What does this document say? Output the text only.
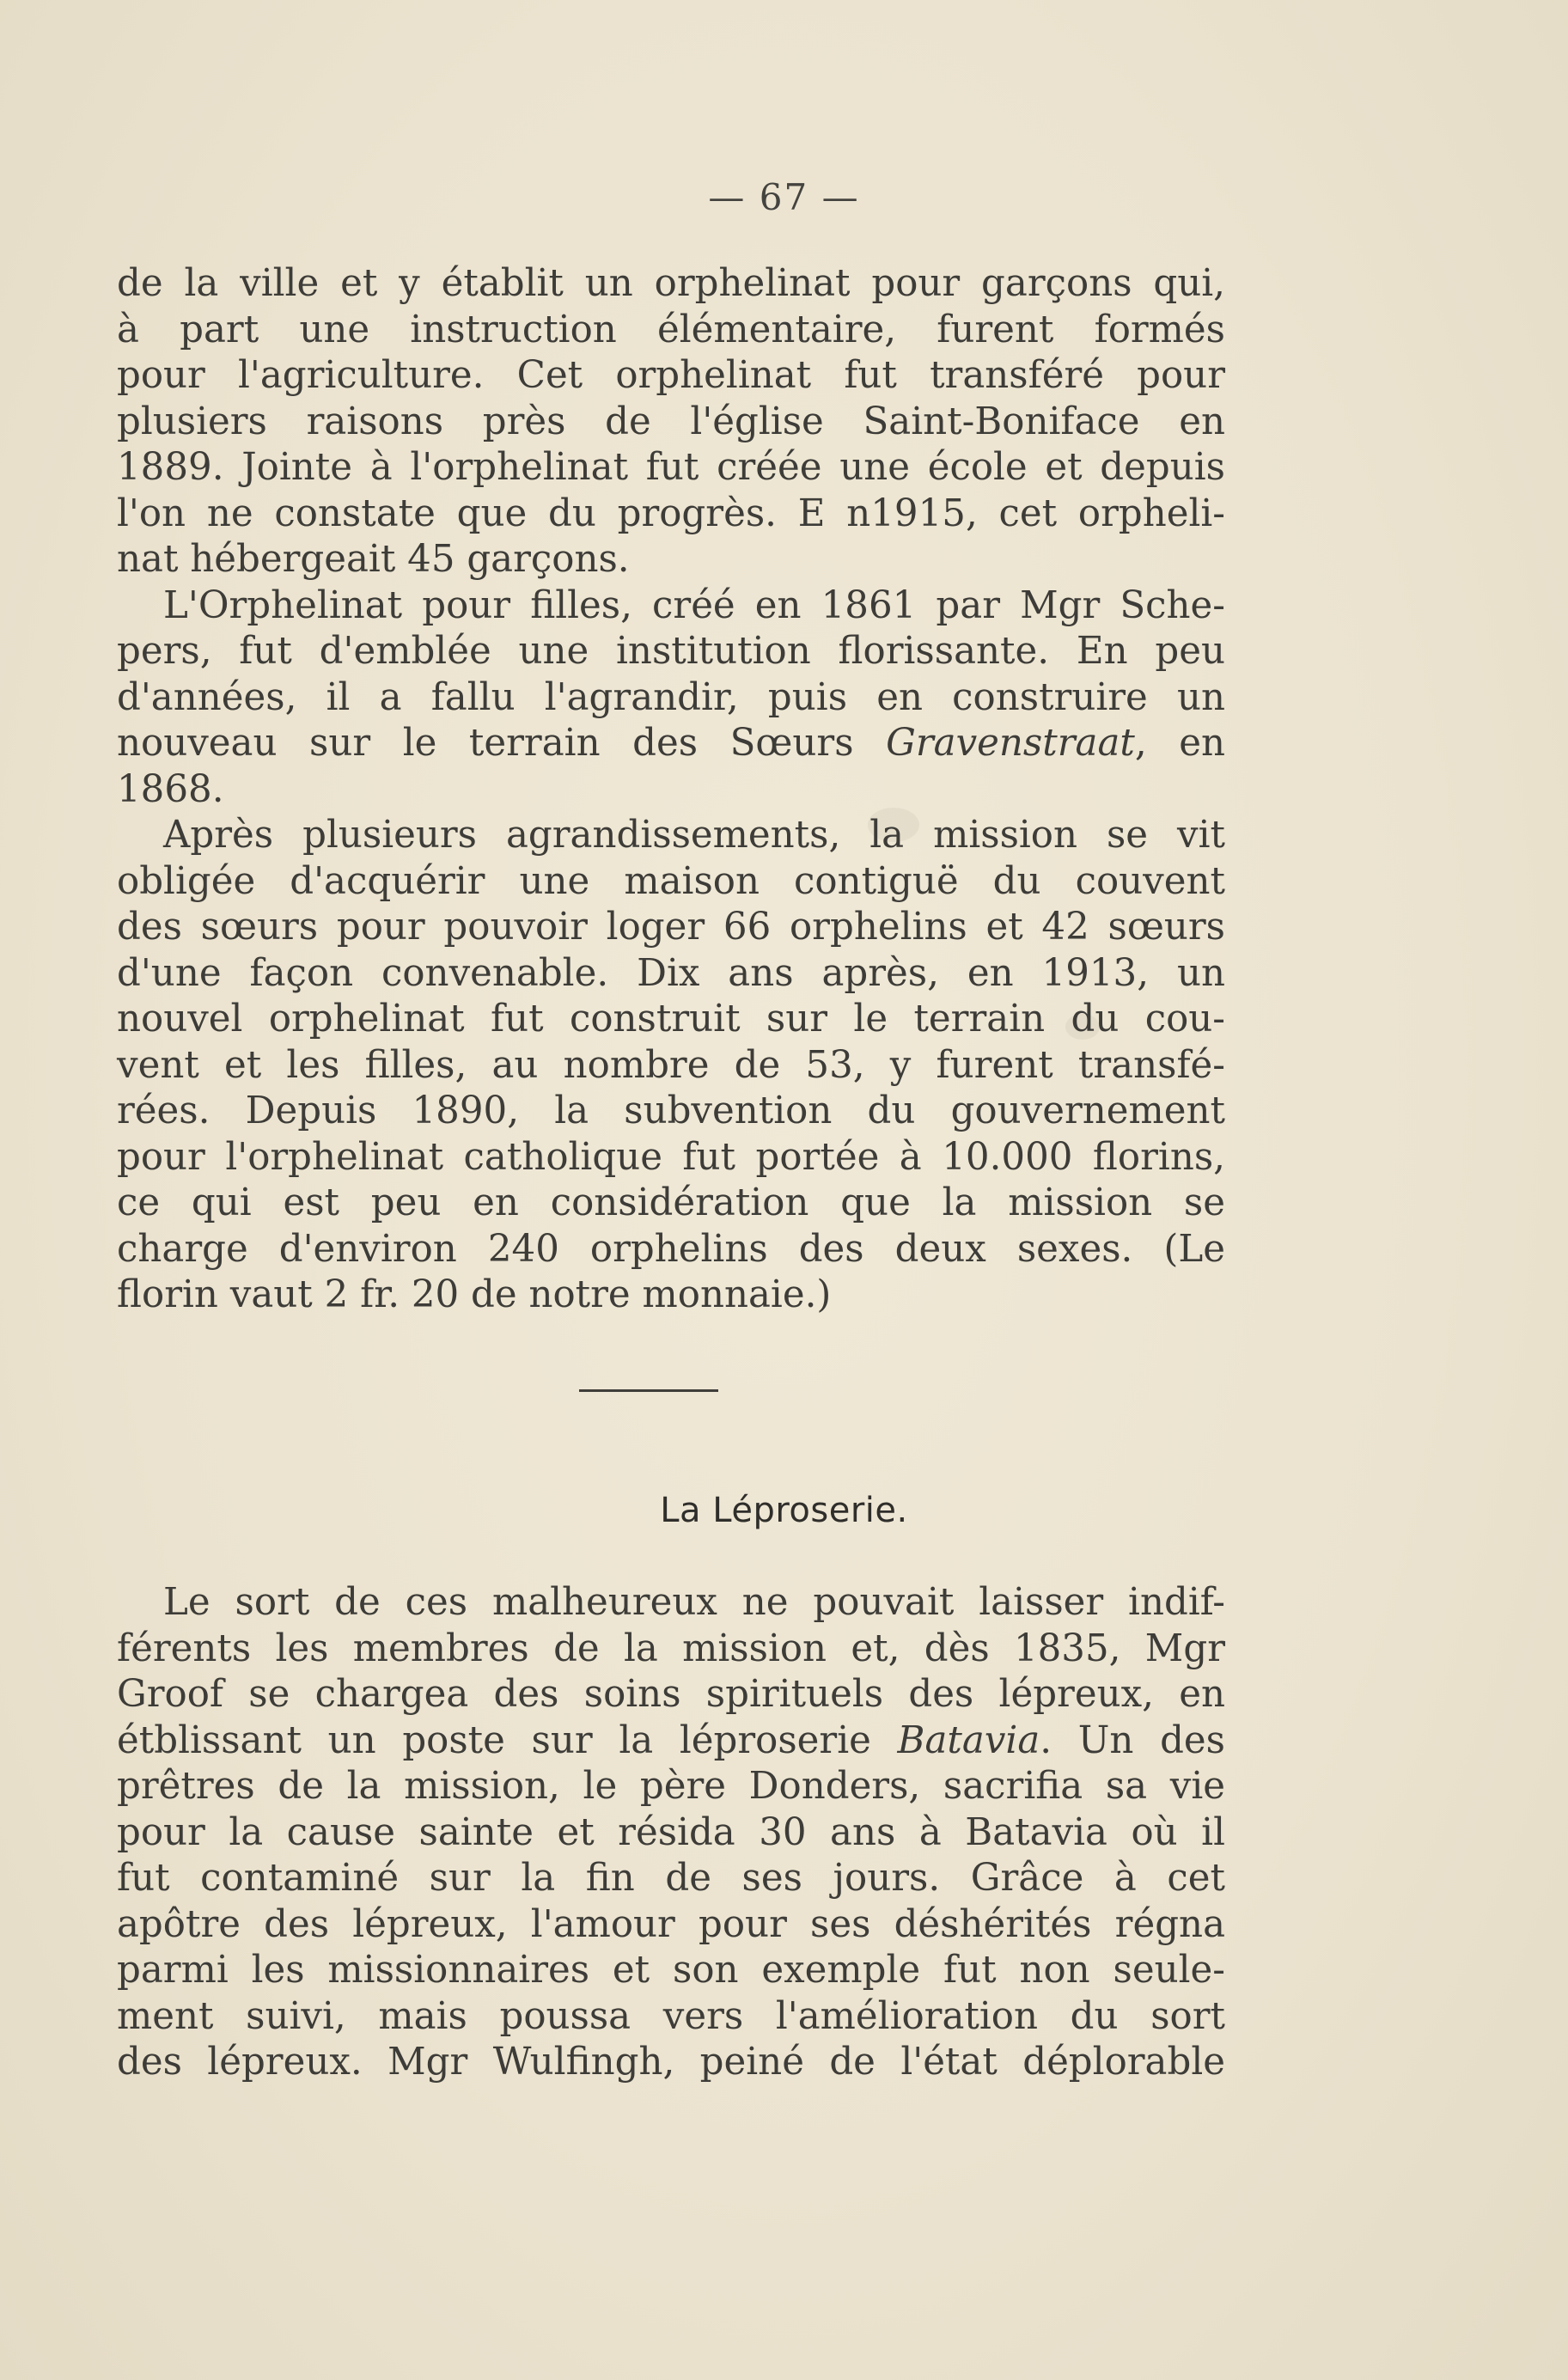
— 67 —
de la ville et y établit un orphelinat pour garçons qui,
à part une instruction élémentaire, furent formés
pour l'agriculture. Cet orphelinat fut transféré pour
plusiers raisons près de l'église Saint-Boniface en
1889. Jointe à l'orphelinat fut créée une école et depuis
l'on ne constate que du progrès. E n1915, cet orpheli-
nat hébergeait 45 garçons.
L'Orphelinat pour filles, créé en 1861 par Mgr Sche-
pers, fut d'emblée une institution florissante. En peu
d'années, il a fallu l'agrandir, puis en construire un
nouveau sur le terrain des Sœurs Gravenstraat, en
1868.
Après plusieurs agrandissements, la mission se vit
obligée d'acquérir une maison contiguë du couvent
des sœurs pour pouvoir loger 66 orphelins et 42 sœurs
d'une façon convenable. Dix ans après, en 1913, un
nouvel orphelinat fut construit sur le terrain du cou-
vent et les filles, au nombre de 53, y furent transfé-
rées. Depuis 1890, la subvention du gouvernement
pour l'orphelinat catholique fut portée à 10.000 florins,
ce qui est peu en considération que la mission se
charge d'environ 240 orphelins des deux sexes. (Le
florin vaut 2 fr. 20 de notre monnaie.)
La Léproserie.
Le sort de ces malheureux ne pouvait laisser indif-
férents les membres de la mission et, dès 1835, Mgr
Groof se chargea des soins spirituels des lépreux, en
étblissant un poste sur la léproserie Batavia. Un des
prêtres de la mission, le père Donders, sacrifia sa vie
pour la cause sainte et résida 30 ans à Batavia où il
fut contaminé sur la fin de ses jours. Grâce à cet
apôtre des lépreux, l'amour pour ses déshérités régna
parmi les missionnaires et son exemple fut non seule-
ment suivi, mais poussa vers l'amélioration du sort
des lépreux. Mgr Wulfingh, peiné de l'état déplorable
